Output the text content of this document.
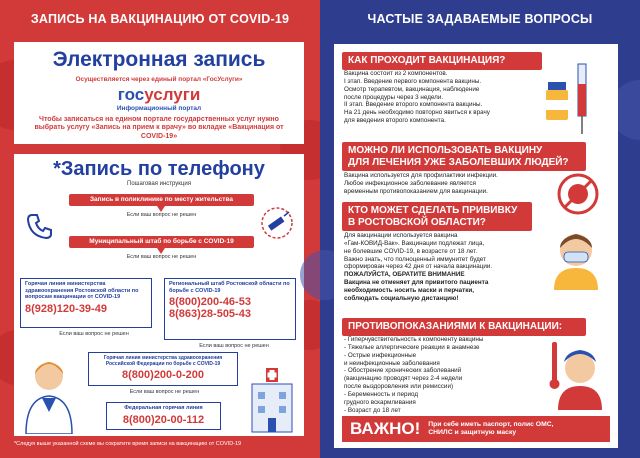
ЗАПИСЬ НА ВАКЦИНАЦИЮ ОТ COVID-19
Электронная запись
Осуществляется через единый портал «ГосУслуги»
госуслуги
Информационный портал
Чтобы записаться на едином портале государственных услуг нужно выбрать услугу «Запись на прием к врачу» во вкладке «Вакцинация от COVID-19»
*Запись по телефону
Пошаговая инструкция
Запись в поликлинике по месту жительства
Если ваш вопрос не решен
Муниципальный штаб по борьбе с COVID-19
Если ваш вопрос не решен
Горячая линия министерства здравоохранения Ростовской области по вопросам вакцинации от COVID-19
8(928)120-39-49
Региональный штаб Ростовской области по борьбе с COVID-19
8(800)200-46-53
8(863)28-505-43
Если ваш вопрос не решен
Если ваш вопрос не решен
Горячая линия министерства здравоохранения Российской Федерации по борьбе с COVID-19
8(800)200-0-200
Если ваш вопрос не решен
Федеральная горячая линия
8(800)20-00-112
*Следуя выше указанной схеме вы сократите время записи на вакцинацию от COVID-19
ЧАСТЫЕ ЗАДАВАЕМЫЕ ВОПРОСЫ
КАК ПРОХОДИТ ВАКЦИНАЦИЯ?
Вакцина состоит из 2 компонентов.
I этап. Введение первого компонента вакцины.
Осмотр терапевтом, вакцинация, наблюдение
после процедуры через 3 недели.
II этап. Введение второго компонента вакцины.
На 21 день необходимо повторно явиться к врачу
для введения второго компонента.
МОЖНО ЛИ ИСПОЛЬЗОВАТЬ ВАКЦИНУ
ДЛЯ ЛЕЧЕНИЯ УЖЕ ЗАБОЛЕВШИХ ЛЮДЕЙ?
Вакцина используется для профилактики инфекции.
Любое инфекционное заболевание является
временным противопоказанием для вакцинации.
КТО МОЖЕТ СДЕЛАТЬ ПРИВИВКУ
В РОСТОВСКОЙ ОБЛАСТИ?
Для вакцинации используется вакцина
«Гам-КОВИД-Вак». Вакцинации подлежат лица,
не болевшие COVID-19, в возрасте от 18 лет.
Важно знать, что полноценный иммунитет будет
сформирован через 42 дня от начала вакцинации.
ПОЖАЛУЙСТА, ОБРАТИТЕ ВНИМАНИЕ
Вакцина не отменяет для привитого пациента
необходимость носить маски и перчатки,
соблюдать социальную дистанцию!
ПРОТИВОПОКАЗАНИЯМИ К ВАКЦИНАЦИИ:
- Гиперчувствительность к компоненту вакцины
- Тяжелые аллергические реакции в анамнезе
- Острые инфекционные
и неинфекционные заболевания
- Обострение хронических заболеваний
(вакцинацию проводят через 2-4 недели
после выздоровления или ремиссии)
- Беременность и период
грудного вскармливания
- Возраст до 18 лет
ВАЖНО!	При себе иметь паспорт, полис ОМС,
СНИЛС и защитную маску
